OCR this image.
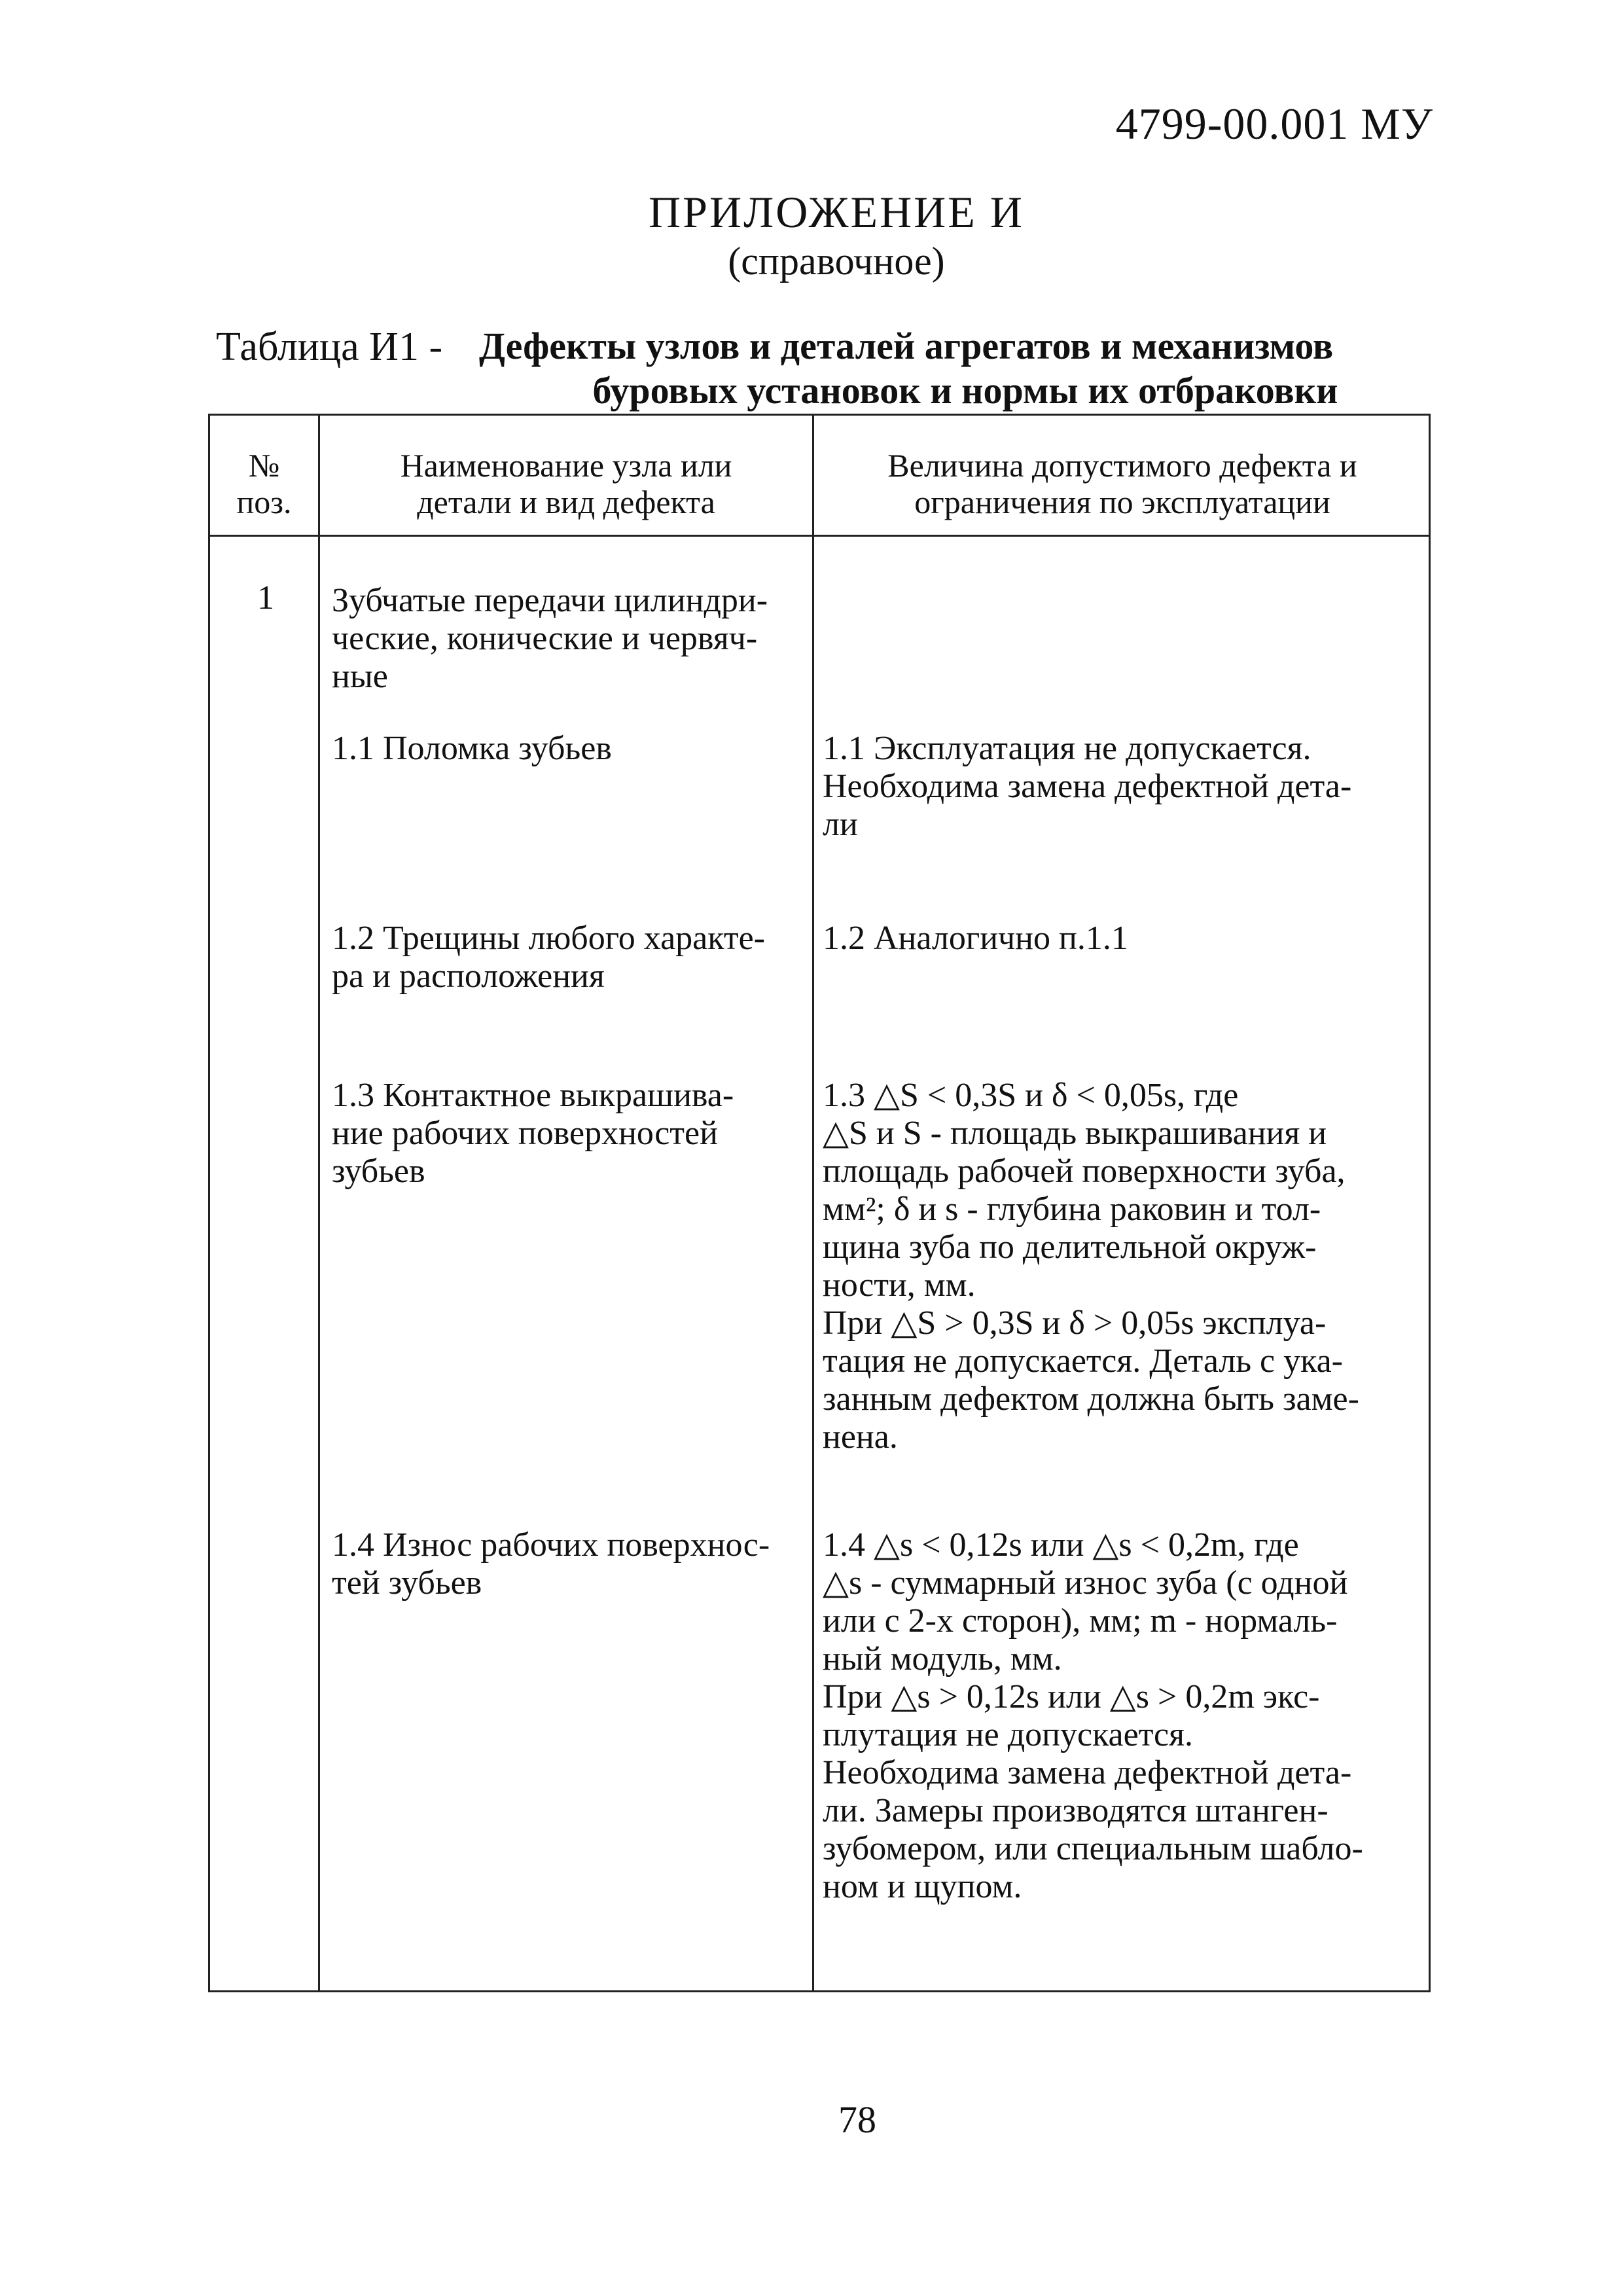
4799-00.001 МУ
ПРИЛОЖЕНИЕ И
(справочное)
Таблица И1 - Дефекты узлов и деталей агрегатов и механизмов
буровых установок и нормы их отбраковки
№
поз.
Наименование узла или
детали и вид дефекта
Величина допустимого дефекта и
ограничения по эксплуатации
1 Зубчатые передачи цилиндри-
ческие, конические и червяч-
ные
1.1 Поломка зубьев	1.1 Эксплуатация не допускается.
Необходима замена дефектной дета-
ли
1.2 Трещины любого характе-
ра и расположения
1.2 Аналогично п.1.1
1.3 Контактное выкрашива-
ние рабочих поверхностей
зубьев
1.3 △S < 0,3S и δ < 0,05s, где
△S и S - площадь выкрашивания и
площадь рабочей поверхности зуба,
мм²; δ и s - глубина раковин и тол-
щина зуба по делительной окруж-
ности, мм.
При △S > 0,3S и δ > 0,05s эксплуа-
тация не допускается. Деталь с ука-
занным дефектом должна быть заме-
нена.
1.4 Износ рабочих поверхнос-
тей зубьев
1.4 △s < 0,12s или △s < 0,2m, где
△s - суммарный износ зуба (с одной
или с 2-х сторон), мм; m - нормаль-
ный модуль, мм.
При △s > 0,12s или △s > 0,2m экс-
плутация не допускается.
Необходима замена дефектной дета-
ли. Замеры производятся штанген-
зубомером, или специальным шабло-
ном и щупом.
78
